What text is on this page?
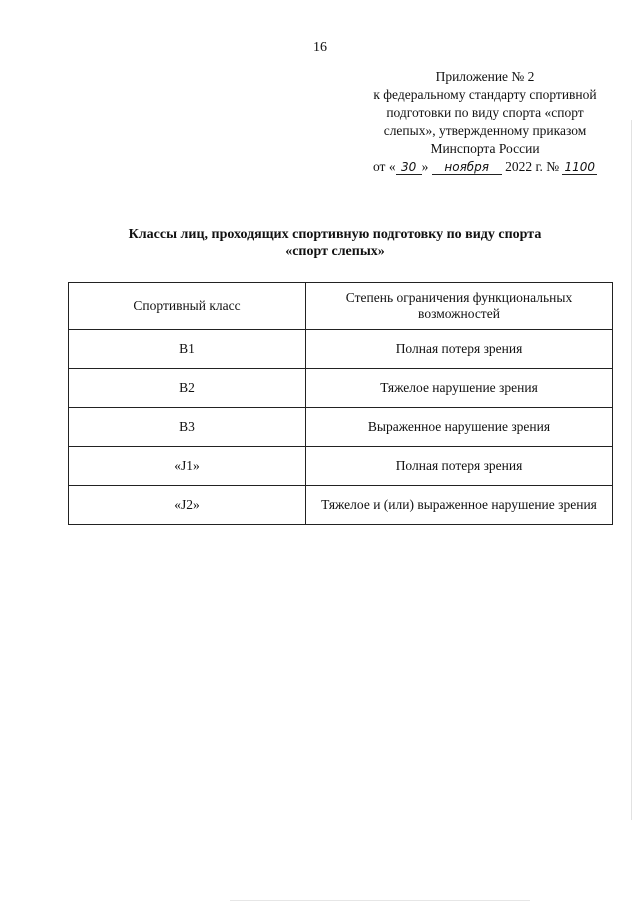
16
Приложение № 2
к федеральному стандарту спортивной
подготовки по виду спорта «спорт
слепых», утвержденному приказом
Минспорта России
от « 30 » ноября 2022 г. № 1100
Классы лиц, проходящих спортивную подготовку по виду спорта
«спорт слепых»
Спортивный класс	Степень ограничения функциональных возможностей
B1	Полная потеря зрения
B2	Тяжелое нарушение зрения
B3	Выраженное нарушение зрения
«J1»	Полная потеря зрения
«J2»	Тяжелое и (или) выраженное нарушение зрения
